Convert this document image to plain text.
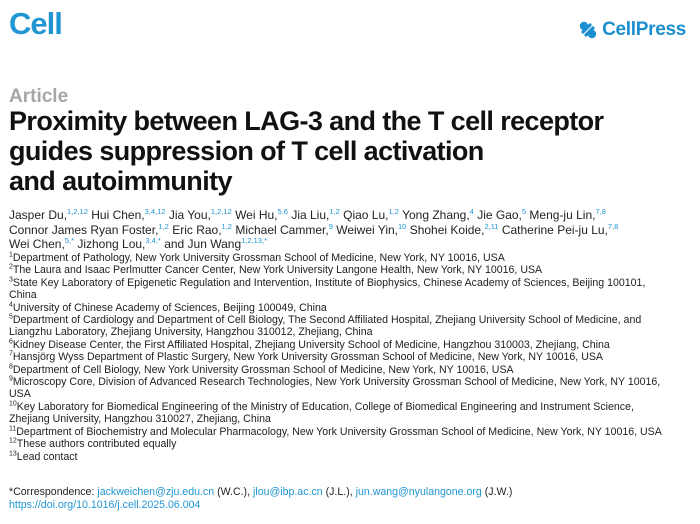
Cell	CellPress
Article
Proximity between LAG-3 and the T cell receptor
guides suppression of T cell activation
and autoimmunity
Jasper Du,$^{1,2,12}$ Hui Chen,$^{3,4,12}$ Jia You,$^{1,2,12}$ Wei Hu,$^{5,6}$ Jia Liu,$^{1,2}$ Qiao Lu,$^{1,2}$ Yong Zhang,$^4$ Jie Gao,$^5$ Meng-ju Lin,$^{7,8}$
Connor James Ryan Foster,$^{1,2}$ Eric Rao,$^{1,2}$ Michael Cammer,$^9$ Weiwei Yin,$^{10}$ Shohei Koide,$^{2,11}$ Catherine Pei-ju Lu,$^{7,8}$
Wei Chen,$^{5,*}$ Jizhong Lou,$^{3,4,*}$ and Jun Wang$^{1,2,13,*}$
$^1$Department of Pathology, New York University Grossman School of Medicine, New York, NY 10016, USA
$^2$The Laura and Isaac Perlmutter Cancer Center, New York University Langone Health, New York, NY 10016, USA
$^3$State Key Laboratory of Epigenetic Regulation and Intervention, Institute of Biophysics, Chinese Academy of Sciences, Beijing 100101,
China
$^4$University of Chinese Academy of Sciences, Beijing 100049, China
$^5$Department of Cardiology and Department of Cell Biology, The Second Affiliated Hospital, Zhejiang University School of Medicine, and
Liangzhu Laboratory, Zhejiang University, Hangzhou 310012, Zhejiang, China
$^6$Kidney Disease Center, the First Affiliated Hospital, Zhejiang University School of Medicine, Hangzhou 310003, Zhejiang, China
$^7$Hansjörg Wyss Department of Plastic Surgery, New York University Grossman School of Medicine, New York, NY 10016, USA
$^8$Department of Cell Biology, New York University Grossman School of Medicine, New York, NY 10016, USA
$^9$Microscopy Core, Division of Advanced Research Technologies, New York University Grossman School of Medicine, New York, NY 10016,
USA
$^{10}$Key Laboratory for Biomedical Engineering of the Ministry of Education, College of Biomedical Engineering and Instrument Science,
Zhejiang University, Hangzhou 310027, Zhejiang, China
$^{11}$Department of Biochemistry and Molecular Pharmacology, New York University Grossman School of Medicine, New York, NY 10016, USA
$^{12}$These authors contributed equally
$^{13}$Lead contact
*Correspondence: jackweichen@zju.edu.cn (W.C.), jlou@ibp.ac.cn (J.L.), jun.wang@nyulangone.org (J.W.)
https://doi.org/10.1016/j.cell.2025.06.004
